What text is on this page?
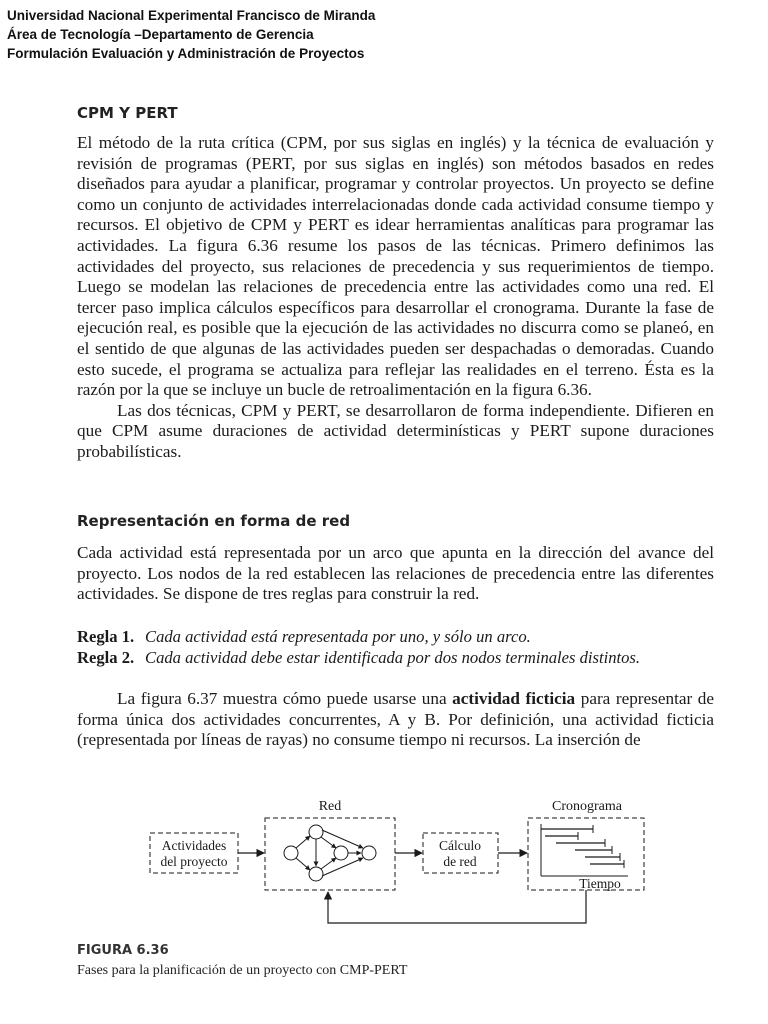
Universidad Nacional Experimental Francisco de Miranda
Área de Tecnología –Departamento de Gerencia
Formulación Evaluación y Administración de Proyectos
CPM Y PERT

El método de la ruta crítica (CPM, por sus siglas en inglés) y la técnica de evaluación y revisión de programas (PERT, por sus siglas en inglés) son métodos basados en redes diseñados para ayudar a planificar, programar y controlar proyectos. Un proyecto se define como un conjunto de actividades interrelacionadas donde cada actividad consume tiempo y recursos. El objetivo de CPM y PERT es idear herramientas analíticas para programar las actividades. La figura 6.36 resume los pasos de las técnicas. Primero definimos las actividades del proyecto, sus relaciones de precedencia y sus requerimientos de tiempo. Luego se modelan las relaciones de precedencia entre las actividades como una red. El tercer paso implica cálculos específicos para desarrollar el cronograma. Durante la fase de ejecución real, es posible que la ejecución de las actividades no discurra como se planeó, en el sentido de que algunas de las actividades pueden ser despachadas o demoradas. Cuando esto sucede, el programa se actualiza para reflejar las realidades en el terreno. Ésta es la razón por la que se incluye un bucle de retroalimentación en la figura 6.36.

Las dos técnicas, CPM y PERT, se desarrollaron de forma independiente. Difieren en que CPM asume duraciones de actividad determinísticas y PERT supone duraciones probabilísticas.

Representación en forma de red

Cada actividad está representada por un arco que apunta en la dirección del avance del proyecto. Los nodos de la red establecen las relaciones de precedencia entre las diferentes actividades. Se dispone de tres reglas para construir la red.

Regla 1. Cada actividad está representada por uno, y sólo un arco.
Regla 2. Cada actividad debe estar identificada por dos nodos terminales distintos.

La figura 6.37 muestra cómo puede usarse una actividad ficticia para representar de forma única dos actividades concurrentes, A y B. Por definición, una actividad ficticia (representada por líneas de rayas) no consume tiempo ni recursos. La inserción de

Red	Cronograma
Actividades
del proyecto
Cálculo
de red
Tiempo
FIGURA 6.36
Fases para la planificación de un proyecto con CMP-PERT
